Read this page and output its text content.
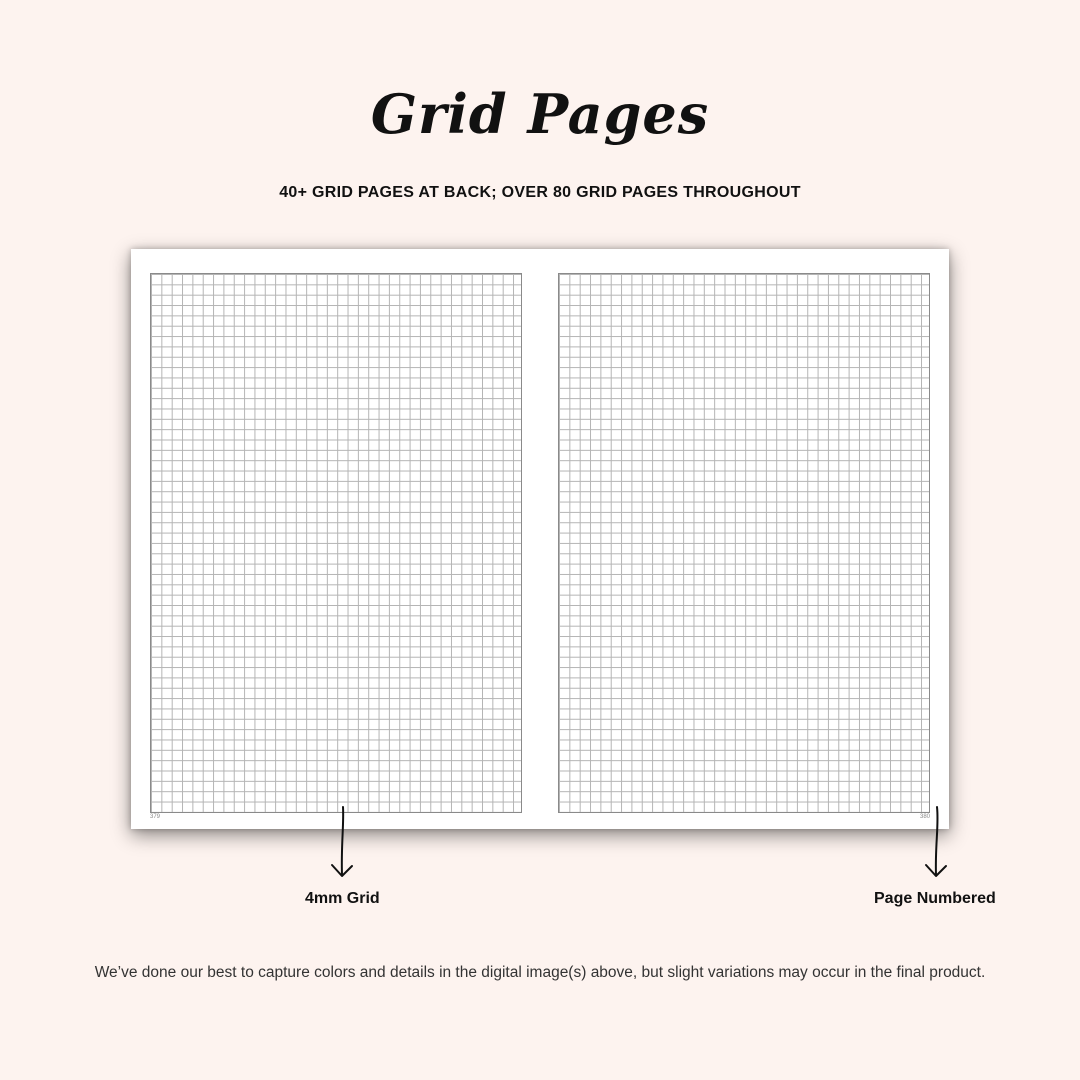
Grid Pages
40+ GRID PAGES AT BACK; OVER 80 GRID PAGES THROUGHOUT
379	380
4mm Grid	Page Numbered
We’ve done our best to capture colors and details in the digital image(s) above, but slight variations may occur in the final product.
